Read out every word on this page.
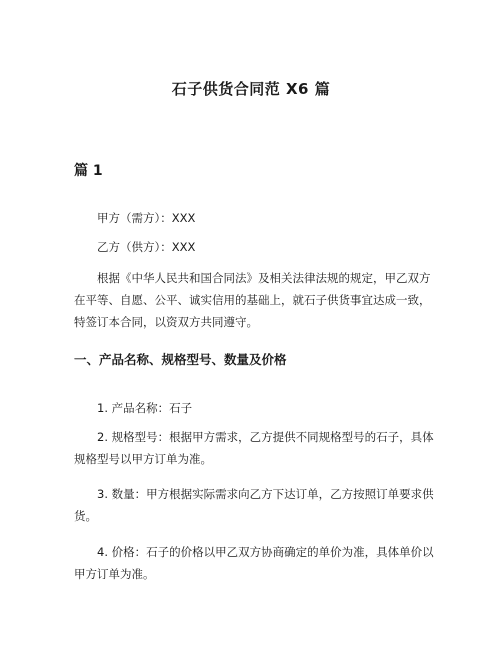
石子供货合同范 X6 篇
篇 1

甲方（需方）：XXX

乙方（供方）：XXX

根据《中华人民共和国合同法》及相关法律法规的规定，甲乙双方在平等、自愿、公平、诚实信用的基础上，就石子供货事宜达成一致，特签订本合同，以资双方共同遵守。

一、产品名称、规格型号、数量及价格

1. 产品名称：石子

2. 规格型号：根据甲方需求，乙方提供不同规格型号的石子，具体规格型号以甲方订单为准。

3. 数量：甲方根据实际需求向乙方下达订单，乙方按照订单要求供货。

4. 价格：石子的价格以甲乙双方协商确定的单价为准，具体单价以甲方订单为准。
